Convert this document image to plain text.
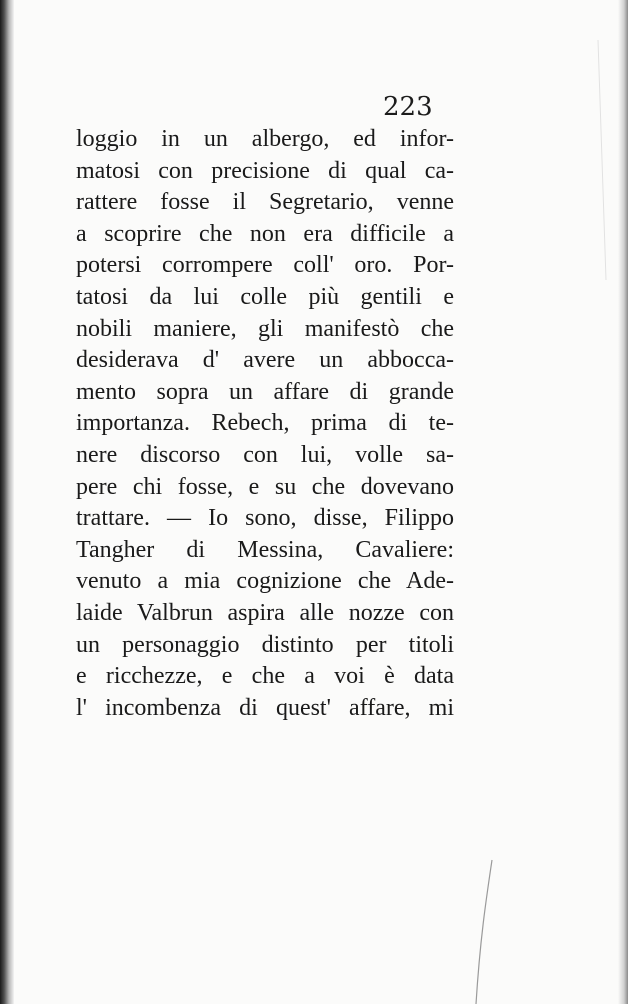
223
loggio in un albergo, ed infor-
matosi con precisione di qual ca-
rattere fosse il Segretario, venne
a scoprire che non era difficile a
potersi corrompere coll' oro. Por-
tatosi da lui colle più gentili e
nobili maniere, gli manifestò che
desiderava d' avere un abbocca-
mento sopra un affare di grande
importanza. Rebech, prima di te-
nere discorso con lui, volle sa-
pere chi fosse, e su che dovevano
trattare. — Io sono, disse, Filippo
Tangher di Messina, Cavaliere:
venuto a mia cognizione che Ade-
laide Valbrun aspira alle nozze con
un personaggio distinto per titoli
e ricchezze, e che a voi è data
l' incombenza di quest' affare, mi
